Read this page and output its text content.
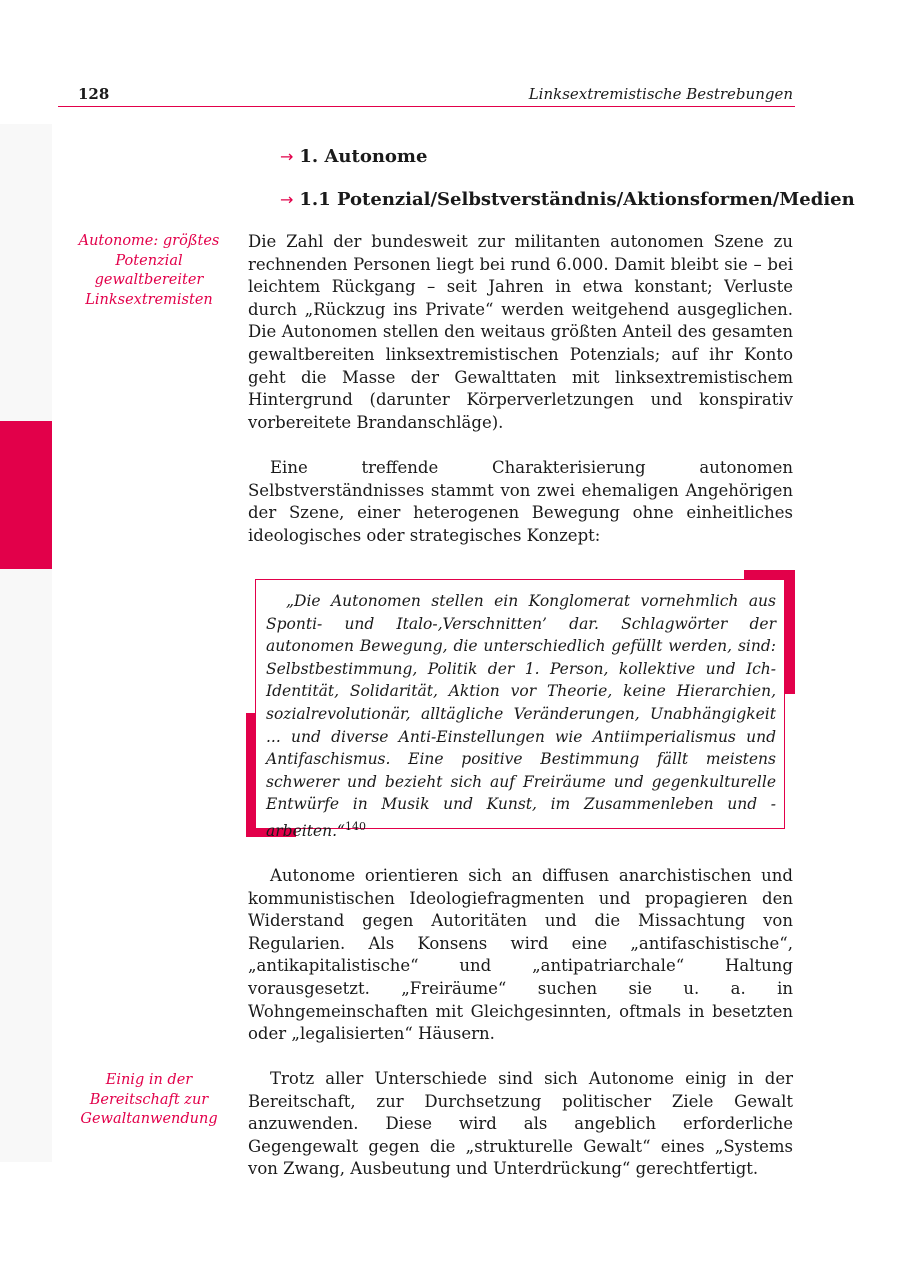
128	Linksextremistische Bestrebungen
→ 1. Autonome
→ 1.1 Potenzial/Selbstverständnis/Aktionsformen/Medien
Autonome: größtes Potenzial gewaltbereiter Linksextremisten
Einig in der Bereitschaft zur Gewaltanwendung

Die Zahl der bundesweit zur militanten autonomen Szene zu rechnenden Personen liegt bei rund 6.000. Damit bleibt sie – bei leichtem Rückgang – seit Jahren in etwa konstant; Verluste durch „Rückzug ins Private“ werden weitgehend ausgeglichen. Die Autonomen stellen den weitaus größten Anteil des gesamten gewaltbereiten linksextremistischen Potenzials; auf ihr Konto geht die Masse der Gewalttaten mit linksextremistischem Hintergrund (darunter Körperverletzungen und konspirativ vorbereitete Brandanschläge).

Eine treffende Charakterisierung autonomen Selbstverständnisses stammt von zwei ehemaligen Angehörigen der Szene, einer heterogenen Bewegung ohne einheitliches ideologisches oder strategisches Konzept:

„Die Autonomen stellen ein Konglomerat vornehmlich aus Sponti- und Italo-‚Verschnitten’ dar. Schlagwörter der autonomen Bewegung, die unterschiedlich gefüllt werden, sind: Selbstbestimmung, Politik der 1. Person, kollektive und Ich-Identität, Solidarität, Aktion vor Theorie, keine Hierarchien, sozialrevolutionär, alltägliche Veränderungen, Unabhängigkeit ... und diverse Anti-Einstellungen wie Antiimperialismus und Antifaschismus. Eine positive Bestimmung fällt meistens schwerer und bezieht sich auf Freiräume und gegenkulturelle Entwürfe in Musik und Kunst, im Zusammenleben und -arbeiten.“$^{140}$

Autonome orientieren sich an diffusen anarchistischen und kommunistischen Ideologiefragmenten und propagieren den Widerstand gegen Autoritäten und die Missachtung von Regularien. Als Konsens wird eine „antifaschistische“, „antikapitalistische“ und „antipatriarchale“ Haltung vorausgesetzt. „Freiräume“ suchen sie u. a. in Wohngemeinschaften mit Gleichgesinnten, oftmals in besetzten oder „legalisierten“ Häusern.

Trotz aller Unterschiede sind sich Autonome einig in der Bereitschaft, zur Durchsetzung politischer Ziele Gewalt anzuwenden. Diese wird als angeblich erforderliche Gegengewalt gegen die „strukturelle Gewalt“ eines „Systems von Zwang, Ausbeutung und Unterdrückung“ gerechtfertigt.
